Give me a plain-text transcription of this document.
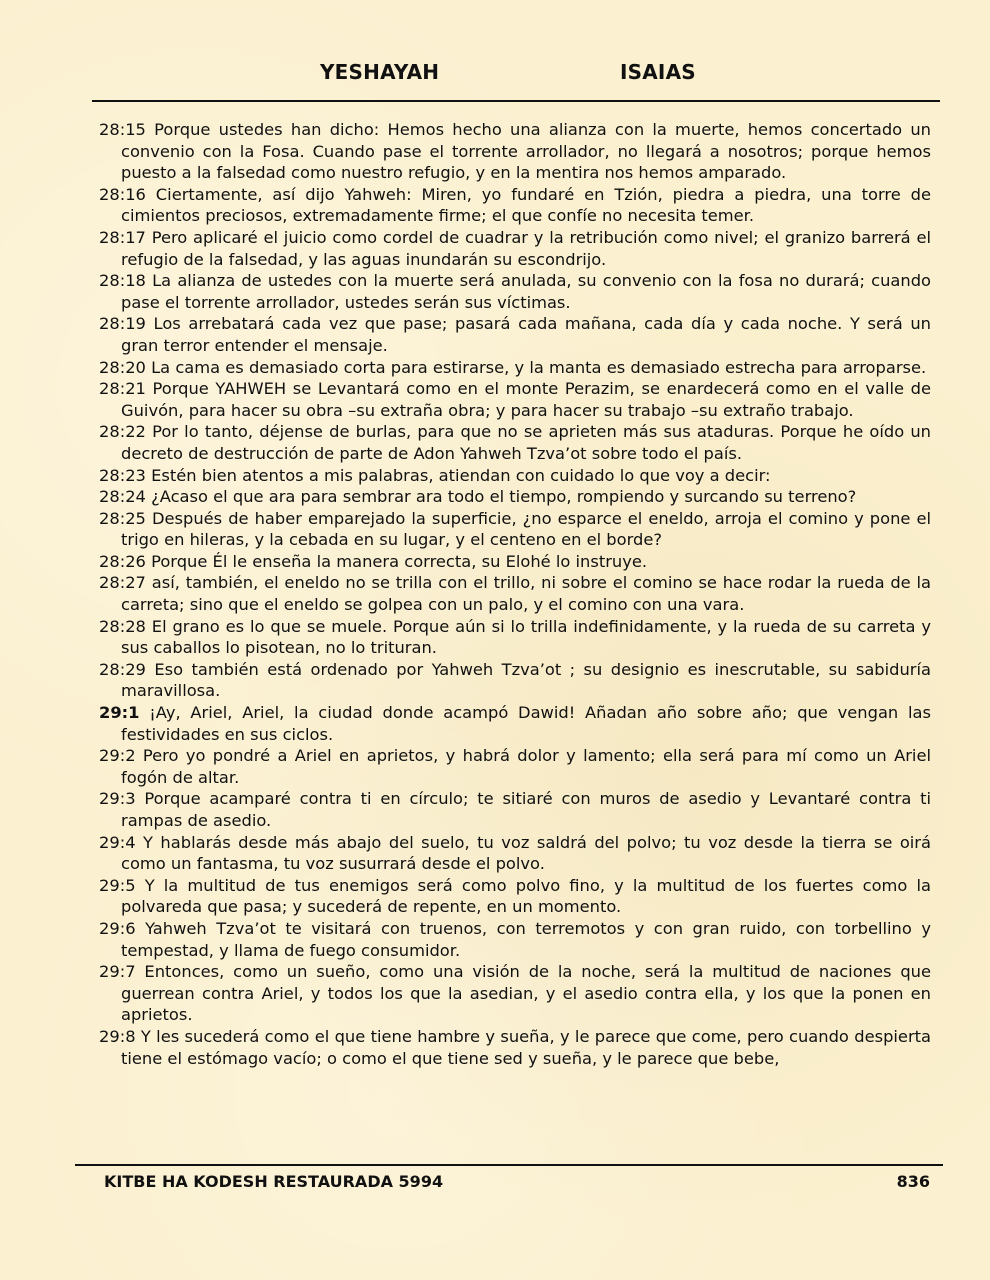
YESHAYAH	ISAIAS

28:15 Porque ustedes han dicho: Hemos hecho una alianza con la muerte, hemos concertado un convenio con la Fosa. Cuando pase el torrente arrollador, no llegará a nosotros; porque hemos puesto a la falsedad como nuestro refugio, y en la mentira nos hemos amparado.

28:16 Ciertamente, así dijo Yahweh: Miren, yo fundaré en Tzión, piedra a piedra, una torre de cimientos preciosos, extremadamente firme; el que confíe no necesita temer.

28:17 Pero aplicaré el juicio como cordel de cuadrar y la retribución como nivel; el granizo barrerá el refugio de la falsedad, y las aguas inundarán su escondrijo.

28:18 La alianza de ustedes con la muerte será anulada, su convenio con la fosa no durará; cuando pase el torrente arrollador, ustedes serán sus víctimas.

28:19 Los arrebatará cada vez que pase; pasará cada mañana, cada día y cada noche. Y será un gran terror entender el mensaje.

28:20 La cama es demasiado corta para estirarse, y la manta es demasiado estrecha para arroparse.

28:21 Porque YAHWEH se Levantará como en el monte Perazim, se enardecerá como en el valle de Guivón, para hacer su obra –su extraña obra; y para hacer su trabajo –su extraño trabajo.

28:22 Por lo tanto, déjense de burlas, para que no se aprieten más sus ataduras. Porque he oído un decreto de destrucción de parte de Adon Yahweh Tzva’ot sobre todo el país.

28:23 Estén bien atentos a mis palabras, atiendan con cuidado lo que voy a decir:

28:24 ¿Acaso el que ara para sembrar ara todo el tiempo, rompiendo y surcando su terreno?

28:25 Después de haber emparejado la superficie, ¿no esparce el eneldo, arroja el comino y pone el trigo en hileras, y la cebada en su lugar, y el centeno en el borde?

28:26 Porque Él le enseña la manera correcta, su Elohé lo instruye.

28:27 así, también, el eneldo no se trilla con el trillo, ni sobre el comino se hace rodar la rueda de la carreta; sino que el eneldo se golpea con un palo, y el comino con una vara.

28:28 El grano es lo que se muele. Porque aún si lo trilla indefinidamente, y la rueda de su carreta y sus caballos lo pisotean, no lo trituran.

28:29 Eso también está ordenado por Yahweh Tzva’ot ; su designio es inescrutable, su sabiduría maravillosa.

29:1 ¡Ay, Ariel, Ariel, la ciudad donde acampó Dawid! Añadan año sobre año; que vengan las festividades en sus ciclos.

29:2 Pero yo pondré a Ariel en aprietos, y habrá dolor y lamento; ella será para mí como un Ariel fogón de altar.

29:3 Porque acamparé contra ti en círculo; te sitiaré con muros de asedio y Levantaré contra ti rampas de asedio.

29:4 Y hablarás desde más abajo del suelo, tu voz saldrá del polvo; tu voz desde la tierra se oirá como un fantasma, tu voz susurrará desde el polvo.

29:5 Y la multitud de tus enemigos será como polvo fino, y la multitud de los fuertes como la polvareda que pasa; y sucederá de repente, en un momento.

29:6 Yahweh Tzva’ot te visitará con truenos, con terremotos y con gran ruido, con torbellino y tempestad, y llama de fuego consumidor.

29:7 Entonces, como un sueño, como una visión de la noche, será la multitud de naciones que guerrean contra Ariel, y todos los que la asedian, y el asedio contra ella, y los que la ponen en aprietos.

29:8 Y les sucederá como el que tiene hambre y sueña, y le parece que come, pero cuando despierta tiene el estómago vacío; o como el que tiene sed y sueña, y le parece que bebe,

KITBE HA KODESH RESTAURADA 5994	836
